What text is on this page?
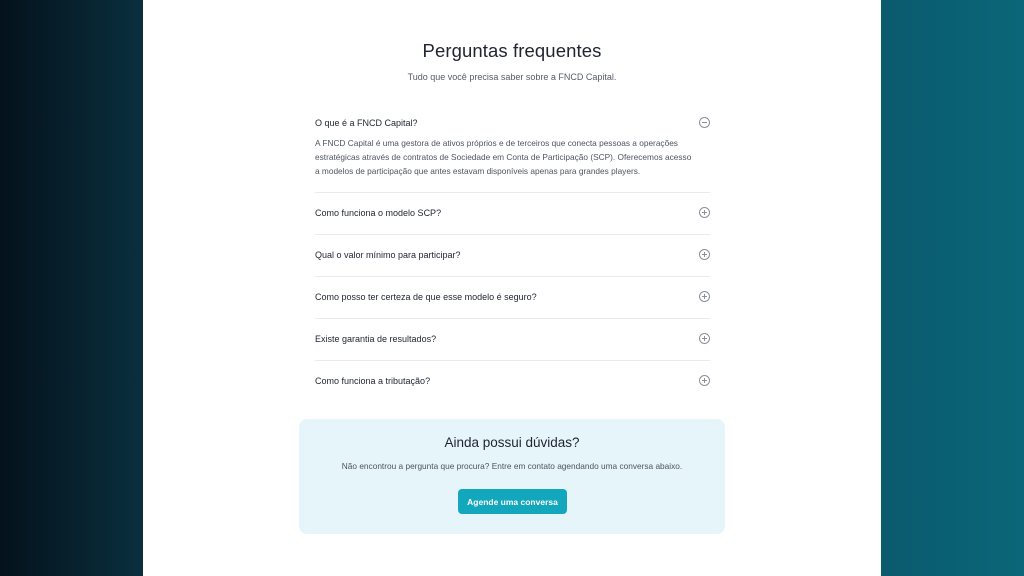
Perguntas frequentes
Tudo que você precisa saber sobre a FNCD Capital.
O que é a FNCD Capital?
A FNCD Capital é uma gestora de ativos próprios e de terceiros que conecta pessoas a operações estratégicas através de contratos de Sociedade em Conta de Participação (SCP). Oferecemos acesso a modelos de participação que antes estavam disponíveis apenas para grandes players.
Como funciona o modelo SCP?
Qual o valor mínimo para participar?
Como posso ter certeza de que esse modelo é seguro?
Existe garantia de resultados?
Como funciona a tributação?
Ainda possui dúvidas?
Não encontrou a pergunta que procura? Entre em contato agendando uma conversa abaixo.
Agende uma conversa
